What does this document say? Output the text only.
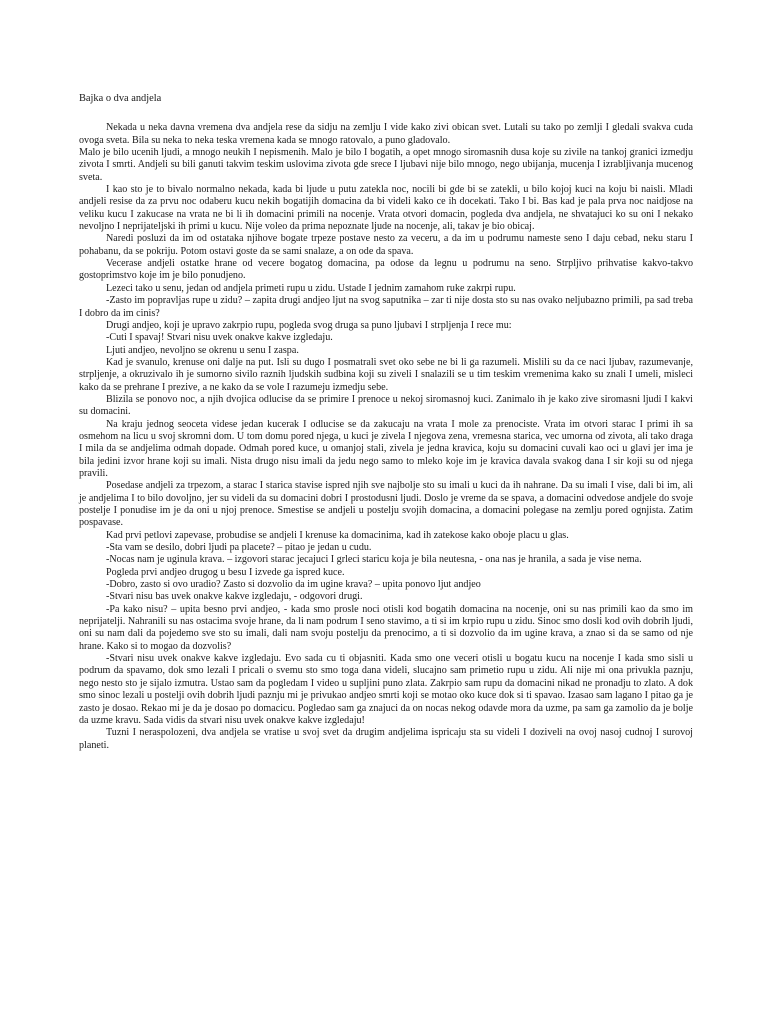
Bajka o dva andjela

Nekada u neka davna vremena dva andjela rese da sidju na zemlju I vide kako zivi obican svet. Lutali su tako po zemlji I gledali svakva cuda ovoga sveta. Bila su neka to neka teska vremena kada se mnogo ratovalo, a puno gladovalo.

Malo je bilo ucenih ljudi, a mnogo neukih I nepismenih. Malo je bilo I bogatih, a opet mnogo siromasnih dusa koje su zivile na tankoj granici izmedju zivota I smrti. Andjeli su bili ganuti takvim teskim uslovima zivota gde srece I ljubavi nije bilo mnogo, nego ubijanja, mucenja I izrabljivanja mucenog sveta.

I kao sto je to bivalo normalno nekada, kada bi ljude u putu zatekla noc, nocili bi gde bi se zatekli, u bilo kojoj kuci na koju bi naisli. Mladi andjeli resise da za prvu noc odaberu kucu nekih bogatijih domacina da bi videli kako ce ih docekati. Tako I bi. Bas kad je pala prva noc naidjose na veliku kucu I zakucase na vrata ne bi li ih domacini primili na nocenje. Vrata otvori domacin, pogleda dva andjela, ne shvatajuci ko su oni I nekako nevoljno I neprijateljski ih primi u kucu. Nije voleo da prima nepoznate ljude na nocenje, ali, takav je bio obicaj.

Naredi posluzi da im od ostataka njihove bogate trpeze postave nesto za veceru, a da im u podrumu nameste seno I daju cebad, neku staru I pohabanu, da se pokriju. Potom ostavi goste da se sami snalaze, a on ode da spava.

Vecerase andjeli ostatke hrane od vecere bogatog domacina, pa odose da legnu u podrumu na seno. Strpljivo prihvatise kakvo-takvo gostoprimstvo koje im je bilo ponudjeno.

Lezeci tako u senu, jedan od andjela primeti rupu u zidu. Ustade I jednim zamahom ruke zakrpi rupu.

-Zasto im popravljas rupe u zidu? – zapita drugi andjeo ljut na svog saputnika – zar ti nije dosta sto su nas ovako neljubazno primili, pa sad treba I dobro da im cinis?

Drugi andjeo, koji je upravo zakrpio rupu, pogleda svog druga sa puno ljubavi I strpljenja I rece mu:

-Cuti I spavaj! Stvari nisu uvek onakve kakve izgledaju.

Ljuti andjeo, nevoljno se okrenu u senu I zaspa.

Kad je svanulo, krenuse oni dalje na put. Isli su dugo I posmatrali svet oko sebe ne bi li ga razumeli. Mislili su da ce naci ljubav, razumevanje, strpljenje, a okruzivalo ih je sumorno sivilo raznih ljudskih sudbina koji su ziveli I snalazili se u tim teskim vremenima kako su znali I umeli, misleci kako da se prehrane I prezive, a ne kako da se vole I razumeju izmedju sebe.

Blizila se ponovo noc, a njih dvojica odlucise da se primire I prenoce u nekoj siromasnoj kuci. Zanimalo ih je kako zive siromasni ljudi I kakvi su domacini.

Na kraju jednog seoceta videse jedan kucerak I odlucise se da zakucaju na vrata I mole za prenociste. Vrata im otvori starac I primi ih sa osmehom na licu u svoj skromni dom. U tom domu pored njega, u kuci je zivela I njegova zena, vremesna starica, vec umorna od zivota, ali tako draga I mila da se andjelima odmah dopade. Odmah pored kuce, u omanjoj stali, zivela je jedna kravica, koju su domacini cuvali kao oci u glavi jer ima je bila jedini izvor hrane koji su imali. Nista drugo nisu imali da jedu nego samo to mleko koje im je kravica davala svakog dana I sir koji su od njega pravili.

Posedase andjeli za trpezom, a starac I starica stavise ispred njih sve najbolje sto su imali u kuci da ih nahrane. Da su imali I vise, dali bi im, ali je andjelima I to bilo dovoljno, jer su videli da su domacini dobri I prostodusni ljudi. Doslo je vreme da se spava, a domacini odvedose andjele do svoje postelje I ponudise im je da oni u njoj prenoce. Smestise se andjeli u postelju svojih domacina, a domacini polegase na zemlju pored ognjista. Zatim pospavase.

Kad prvi petlovi zapevase, probudise se andjeli I krenuse ka domacinima, kad ih zatekose kako oboje placu u glas.

-Sta vam se desilo, dobri ljudi pa placete? – pitao je jedan u cudu.

-Nocas nam je uginula krava. – izgovori starac jecajuci I grleci staricu koja je bila neutesna, - ona nas je hranila, a sada je vise nema.

Pogleda prvi andjeo drugog u besu I izvede ga ispred kuce.

-Dobro, zasto si ovo uradio? Zasto si dozvolio da im ugine krava? – upita ponovo ljut andjeo

-Stvari nisu bas uvek onakve kakve izgledaju, - odgovori drugi.

-Pa kako nisu? – upita besno prvi andjeo, - kada smo prosle noci otisli kod bogatih domacina na nocenje, oni su nas primili kao da smo im neprijatelji. Nahranili su nas ostacima svoje hrane, da li nam podrum I seno stavimo, a ti si im krpio rupu u zidu. Sinoc smo dosli kod ovih dobrih ljudi, oni su nam dali da pojedemo sve sto su imali, dali nam svoju postelju da prenocimo, a ti si dozvolio da im ugine krava, a znao si da se samo od nje hrane. Kako si to mogao da dozvolis?

-Stvari nisu uvek onakve kakve izgledaju. Evo sada cu ti objasniti. Kada smo one veceri otisli u bogatu kucu na nocenje I kada smo sisli u podrum da spavamo, dok smo lezali I pricali o svemu sto smo toga dana videli, slucajno sam primetio rupu u zidu. Ali nije mi ona privukla paznju, nego nesto sto je sijalo izmutra. Ustao sam da pogledam I video u supljini puno zlata. Zakrpio sam rupu da domacini nikad ne pronadju to zlato. A dok smo sinoc lezali u postelji ovih dobrih ljudi paznju mi je privukao andjeo smrti koji se motao oko kuce dok si ti spavao. Izasao sam lagano I pitao ga je zasto je dosao. Rekao mi je da je dosao po domacicu. Pogledao sam ga znajuci da on nocas nekog odavde mora da uzme, pa sam ga zamolio da je bolje da uzme kravu. Sada vidis da stvari nisu uvek onakve kakve izgledaju!

Tuzni I neraspolozeni, dva andjela se vratise u svoj svet da drugim andjelima ispricaju sta su videli I doziveli na ovoj nasoj cudnoj I surovoj planeti.
